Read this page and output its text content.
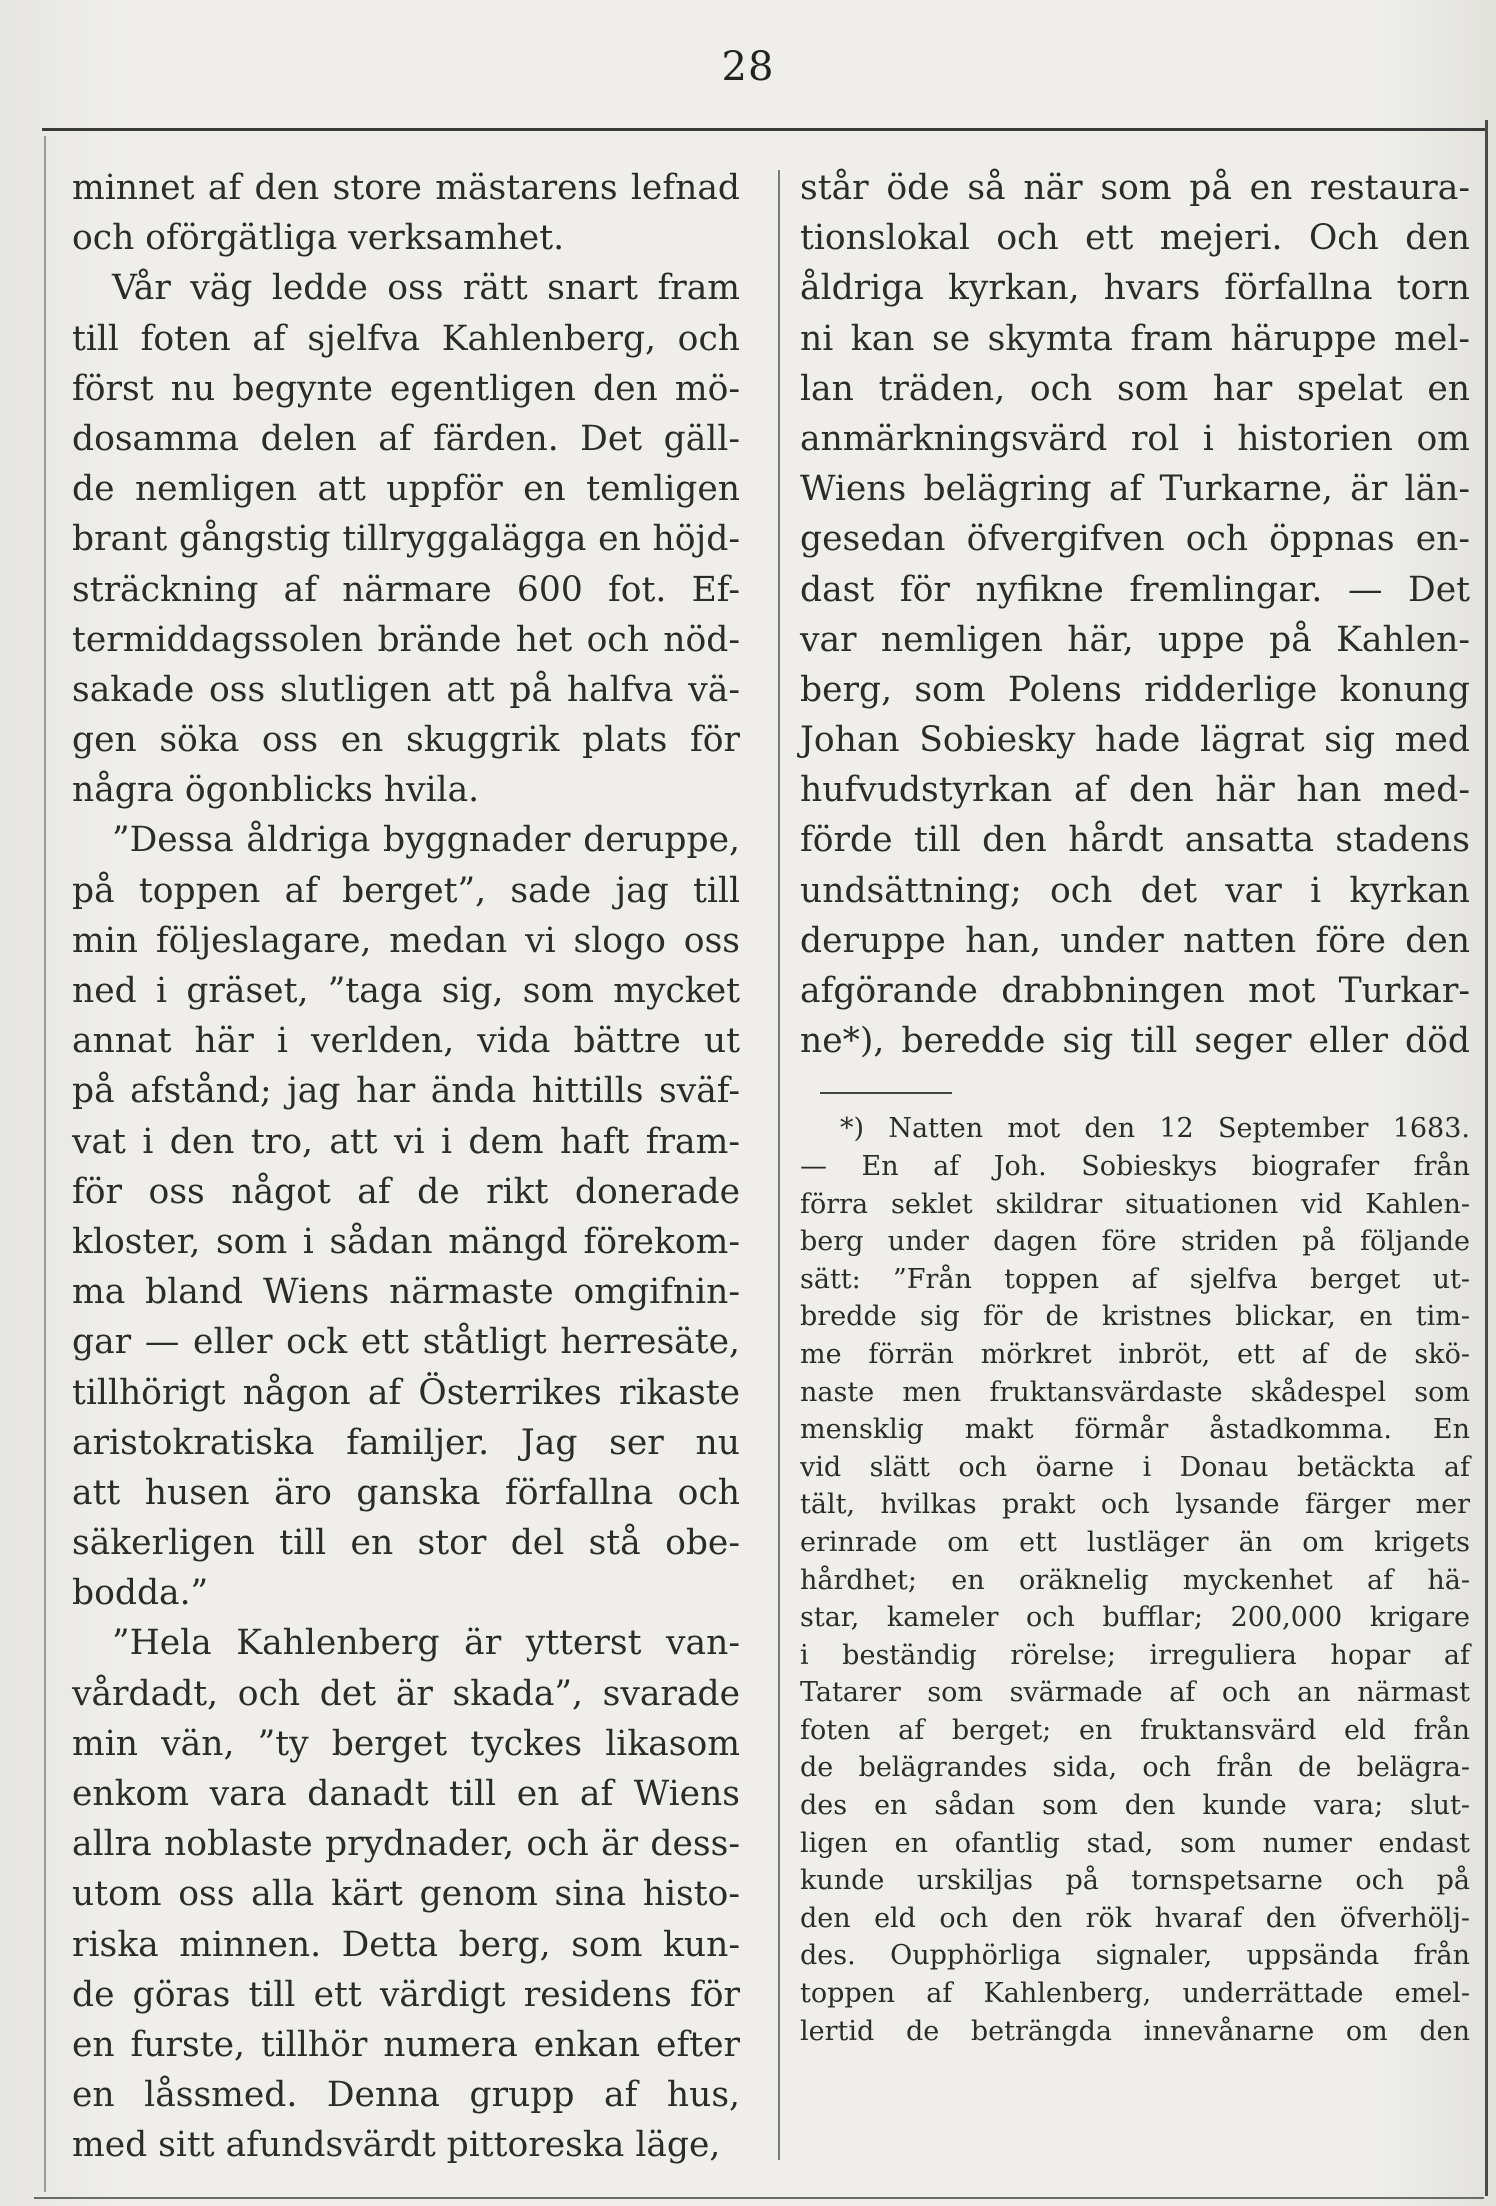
28
minnet af den store mästarens lefnad
och oförgätliga verksamhet.
Vår väg ledde oss rätt snart fram
till foten af sjelfva Kahlenberg, och
först nu begynte egentligen den mö-
dosamma delen af färden. Det gäll-
de nemligen att uppför en temligen
brant gångstig tillryggalägga en höjd-
sträckning af närmare 600 fot. Ef-
termiddagssolen brände het och nöd-
sakade oss slutligen att på halfva vä-
gen söka oss en skuggrik plats för
några ögonblicks hvila.
”Dessa åldriga byggnader deruppe,
på toppen af berget”, sade jag till
min följeslagare, medan vi slogo oss
ned i gräset, ”taga sig, som mycket
annat här i verlden, vida bättre ut
på afstånd; jag har ända hittills sväf-
vat i den tro, att vi i dem haft fram-
för oss något af de rikt donerade
kloster, som i sådan mängd förekom-
ma bland Wiens närmaste omgifnin-
gar — eller ock ett ståtligt herresäte,
tillhörigt någon af Österrikes rikaste
aristokratiska familjer. Jag ser nu
att husen äro ganska förfallna och
säkerligen till en stor del stå obe-
bodda.”
”Hela Kahlenberg är ytterst van-
vårdadt, och det är skada”, svarade
min vän, ”ty berget tyckes likasom
enkom vara danadt till en af Wiens
allra noblaste prydnader, och är dess-
utom oss alla kärt genom sina histo-
riska minnen. Detta berg, som kun-
de göras till ett värdigt residens för
en furste, tillhör numera enkan efter
en låssmed. Denna grupp af hus,
med sitt afundsvärdt pittoreska läge,
står öde så när som på en restaura-
tionslokal och ett mejeri. Och den
åldriga kyrkan, hvars förfallna torn
ni kan se skymta fram häruppe mel-
lan träden, och som har spelat en
anmärkningsvärd rol i historien om
Wiens belägring af Turkarne, är län-
gesedan öfvergifven och öppnas en-
dast för nyfikne fremlingar. — Det
var nemligen här, uppe på Kahlen-
berg, som Polens ridderlige konung
Johan Sobiesky hade lägrat sig med
hufvudstyrkan af den här han med-
förde till den hårdt ansatta stadens
undsättning; och det var i kyrkan
deruppe han, under natten före den
afgörande drabbningen mot Turkar-
ne*), beredde sig till seger eller död
*) Natten mot den 12 September 1683.
— En af Joh. Sobieskys biografer från
förra seklet skildrar situationen vid Kahlen-
berg under dagen före striden på följande
sätt: ”Från toppen af sjelfva berget ut-
bredde sig för de kristnes blickar, en tim-
me förrän mörkret inbröt, ett af de skö-
naste men fruktansvärdaste skådespel som
mensklig makt förmår åstadkomma. En
vid slätt och öarne i Donau betäckta af
tält, hvilkas prakt och lysande färger mer
erinrade om ett lustläger än om krigets
hårdhet; en oräknelig myckenhet af hä-
star, kameler och bufflar; 200,000 krigare
i beständig rörelse; irreguliera hopar af
Tatarer som svärmade af och an närmast
foten af berget; en fruktansvärd eld från
de belägrandes sida, och från de belägra-
des en sådan som den kunde vara; slut-
ligen en ofantlig stad, som numer endast
kunde urskiljas på tornspetsarne och på
den eld och den rök hvaraf den öfverhölj-
des. Oupphörliga signaler, uppsända från
toppen af Kahlenberg, underrättade emel-
lertid de beträngda innevånarne om den
